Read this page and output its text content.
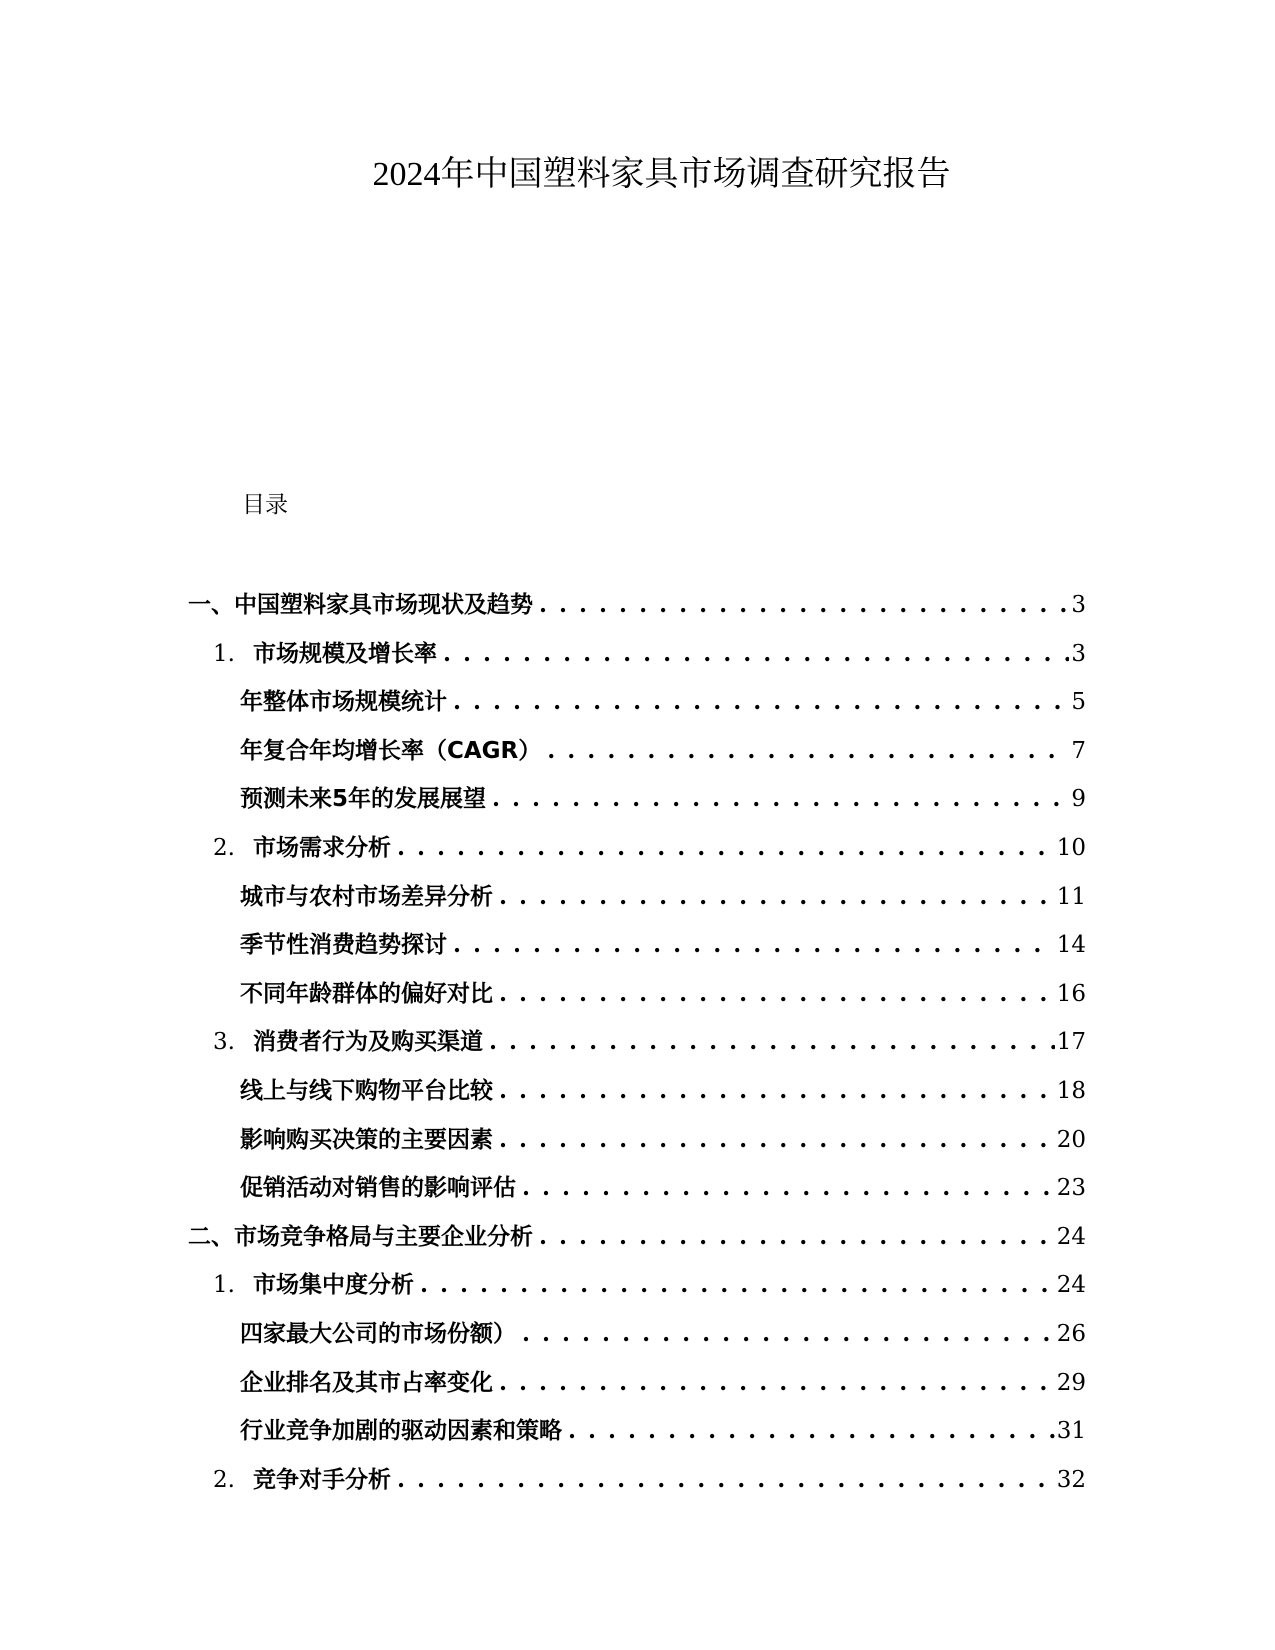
2024年中国塑料家具市场调查研究报告
目录
一、中国塑料家具市场现状及趋势 . . .	3
1. 市场规模及增长率 . . .	3
年整体市场规模统计 . . .	5
年复合年均增长率（CAGR） . . .	7
预测未来5年的发展展望 . . .	9
2. 市场需求分析 . . .	10
城市与农村市场差异分析 . . .	11
季节性消费趋势探讨 . . .	14
不同年龄群体的偏好对比 . . .	16
3. 消费者行为及购买渠道 . . .	17
线上与线下购物平台比较 . . .	18
影响购买决策的主要因素 . . .	20
促销活动对销售的影响评估 . . .	23
二、市场竞争格局与主要企业分析 . . .	24
1. 市场集中度分析 . . .	24
四家最大公司的市场份额） . . .	26
企业排名及其市占率变化 . . .	29
行业竞争加剧的驱动因素和策略 . . .	31
2. 竞争对手分析 . . .	32
